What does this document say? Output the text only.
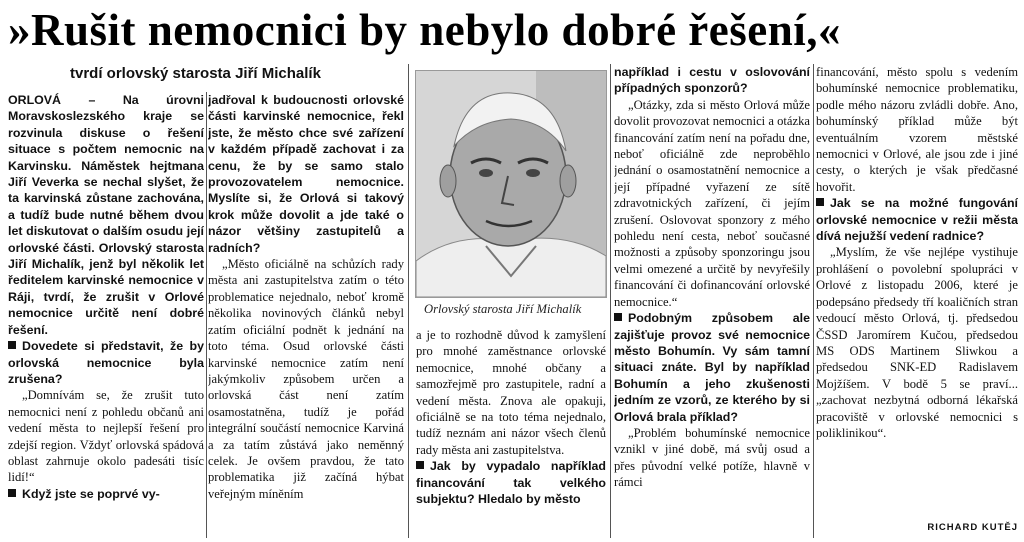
»Rušit nemocnici by nebylo dobré řešení,«
tvrdí orlovský starosta Jiří Michalík

ORLOVÁ – Na úrovni Moravskoslezského kraje se rozvinula diskuse o řešení situace s počtem nemocnic na Karvinsku. Náměstek hejtmana Jiří Veverka se nechal slyšet, že ta karvinská zůstane zachována, a tudíž bude nutné během dvou let diskutovat o dalším osudu její orlovské části. Orlovský starosta Jiří Michalík, jenž byl několik let ředitelem karvinské nemocnice v Ráji, tvrdí, že zrušit v Orlové nemocnice určitě není dobré řešení.

Dovedete si představit, že by orlovská nemocnice byla zrušena?

„Domnívám se, že zrušit tuto nemocnici není z pohledu občanů ani vedení města to nejlepší řešení pro zdejší region. Vždyť orlovská spádová oblast zahrnuje okolo padesáti tisíc lidí!“

Když jste se poprvé vy-

jadřoval k budoucnosti orlovské části karvinské nemocnice, řekl jste, že město chce své zařízení v každém případě zachovat i za cenu, že by se samo stalo provozovatelem nemocnice. Myslíte si, že Orlová si takový krok může dovolit a jde také o názor většiny zastupitelů a radních?

„Město oficiálně na schůzích rady města ani zastupitelstva zatím o této problematice nejednalo, neboť kromě několika novinových článků nebyl zatím oficiální podnět k jednání na toto téma. Osud orlovské části karvinské nemocnice zatím není jakýmkoliv způsobem určen a orlovská část není zatím osamostatněna, tudíž je pořád integrální součástí nemocnice Karviná a za tatím zůstává jako neměnný celek. Je ovšem pravdou, že tato problematika již začíná hýbat veřejným míněním

Orlovský starosta Jiří Michalík

a je to rozhodně důvod k zamyšlení pro mnohé zaměstnance orlovské nemocnice, mnohé občany a samozřejmě pro zastupitele, radní a vedení města. Znova ale opakuji, oficiálně se na toto téma nejednalo, tudíž neznám ani názor všech členů rady města ani zastupitelstva.

Jak by vypadalo například financování tak velkého subjektu? Hledalo by město

například i cestu v oslovování případných sponzorů?

„Otázky, zda si město Orlová může dovolit provozovat nemocnici a otázka financování zatím není na pořadu dne, neboť oficiálně zde neproběhlo jednání o osamostatnění nemocnice a její případné vyřazení ze sítě zdravotnických zařízení, či jejím zrušení. Oslovovat sponzory z mého pohledu není cesta, neboť současné možnosti a způsoby sponzoringu jsou velmi omezené a určitě by nevyřešily financování či dofinancování orlovské nemocnice.“

Podobným způsobem ale zajišťuje provoz své nemocnice město Bohumín. Vy sám tamní situaci znáte. Byl by například Bohumín a jeho zkušenosti jedním ze vzorů, ze kterého by si Orlová brala příklad?

„Problém bohumínské nemocnice vznikl v jiné době, má svůj osud a přes původní velké potíže, hlavně v rámci

financování, město spolu s vedením bohumínské nemocnice problematiku, podle mého názoru zvládli dobře. Ano, bohumínský příklad může být eventuálním vzorem městské nemocnici v Orlové, ale jsou zde i jiné cesty, o kterých je však předčasné hovořit.

Jak se na možné fungování orlovské nemocnice v režii města dívá nejužší vedení radnice?

„Myslím, že vše nejlépe vystihuje prohlášení o povolební spolupráci v Orlové z listopadu 2006, které je podepsáno předsedy tří koaličních stran vedoucí město Orlová, tj. předsedou ČSSD Jaromírem Kučou, předsedou MS ODS Martinem Sliwkou a předsedou SNK-ED Radislavem Mojžíšem. V bodě 5 se praví... „zachovat nezbytná odborná lékařská pracoviště v orlovské nemocnici s poliklinikou“.

RICHARD KUTĚJ
